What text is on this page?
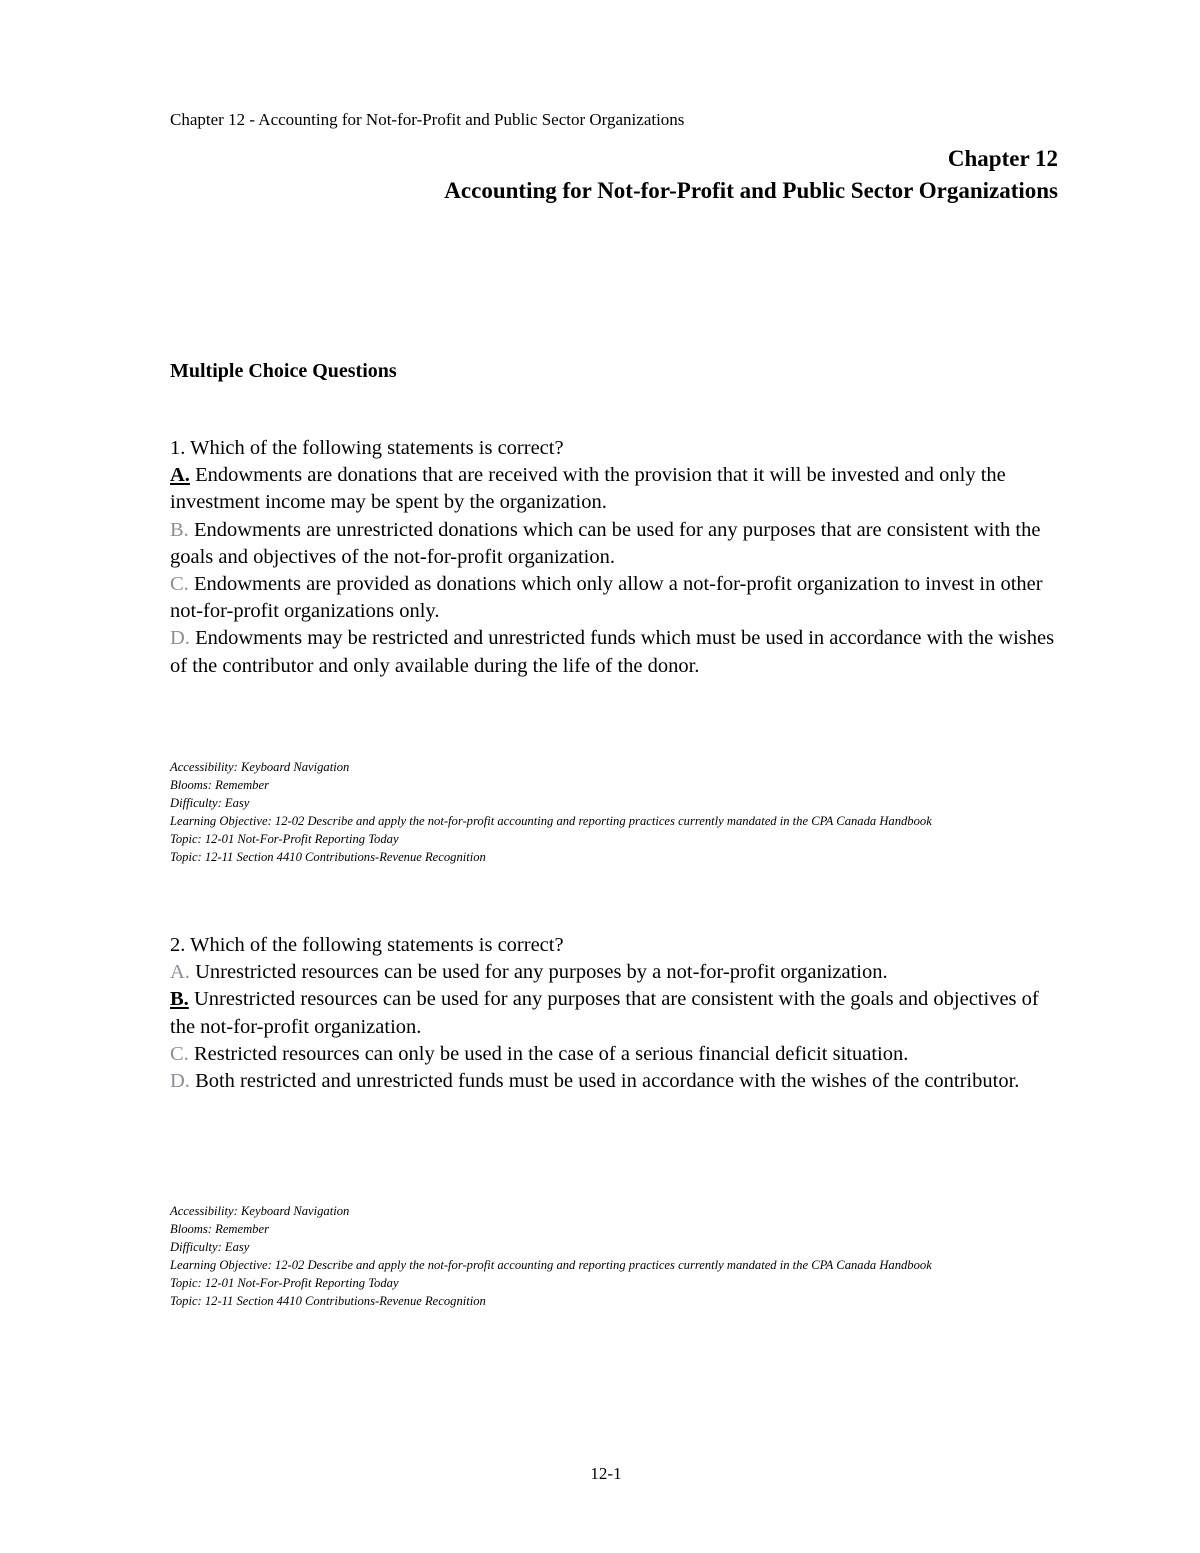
Chapter 12 - Accounting for Not-for-Profit and Public Sector Organizations
Chapter 12
Accounting for Not-for-Profit and Public Sector Organizations
Multiple Choice Questions

1. Which of the following statements is correct?

A. Endowments are donations that are received with the provision that it will be invested and only the investment income may be spent by the organization.

B. Endowments are unrestricted donations which can be used for any purposes that are consistent with the goals and objectives of the not-for-profit organization.

C. Endowments are provided as donations which only allow a not-for-profit organization to invest in other not-for-profit organizations only.

D. Endowments may be restricted and unrestricted funds which must be used in accordance with the wishes of the contributor and only available during the life of the donor.

Accessibility: Keyboard Navigation
Blooms: Remember
Difficulty: Easy
Learning Objective: 12-02 Describe and apply the not-for-profit accounting and reporting practices currently mandated in the CPA Canada Handbook
Topic: 12-01 Not-For-Profit Reporting Today
Topic: 12-11 Section 4410 Contributions-Revenue Recognition

2. Which of the following statements is correct?

A. Unrestricted resources can be used for any purposes by a not-for-profit organization.

B. Unrestricted resources can be used for any purposes that are consistent with the goals and objectives of the not-for-profit organization.

C. Restricted resources can only be used in the case of a serious financial deficit situation.

D. Both restricted and unrestricted funds must be used in accordance with the wishes of the contributor.

Accessibility: Keyboard Navigation
Blooms: Remember
Difficulty: Easy
Learning Objective: 12-02 Describe and apply the not-for-profit accounting and reporting practices currently mandated in the CPA Canada Handbook
Topic: 12-01 Not-For-Profit Reporting Today
Topic: 12-11 Section 4410 Contributions-Revenue Recognition
12-1
